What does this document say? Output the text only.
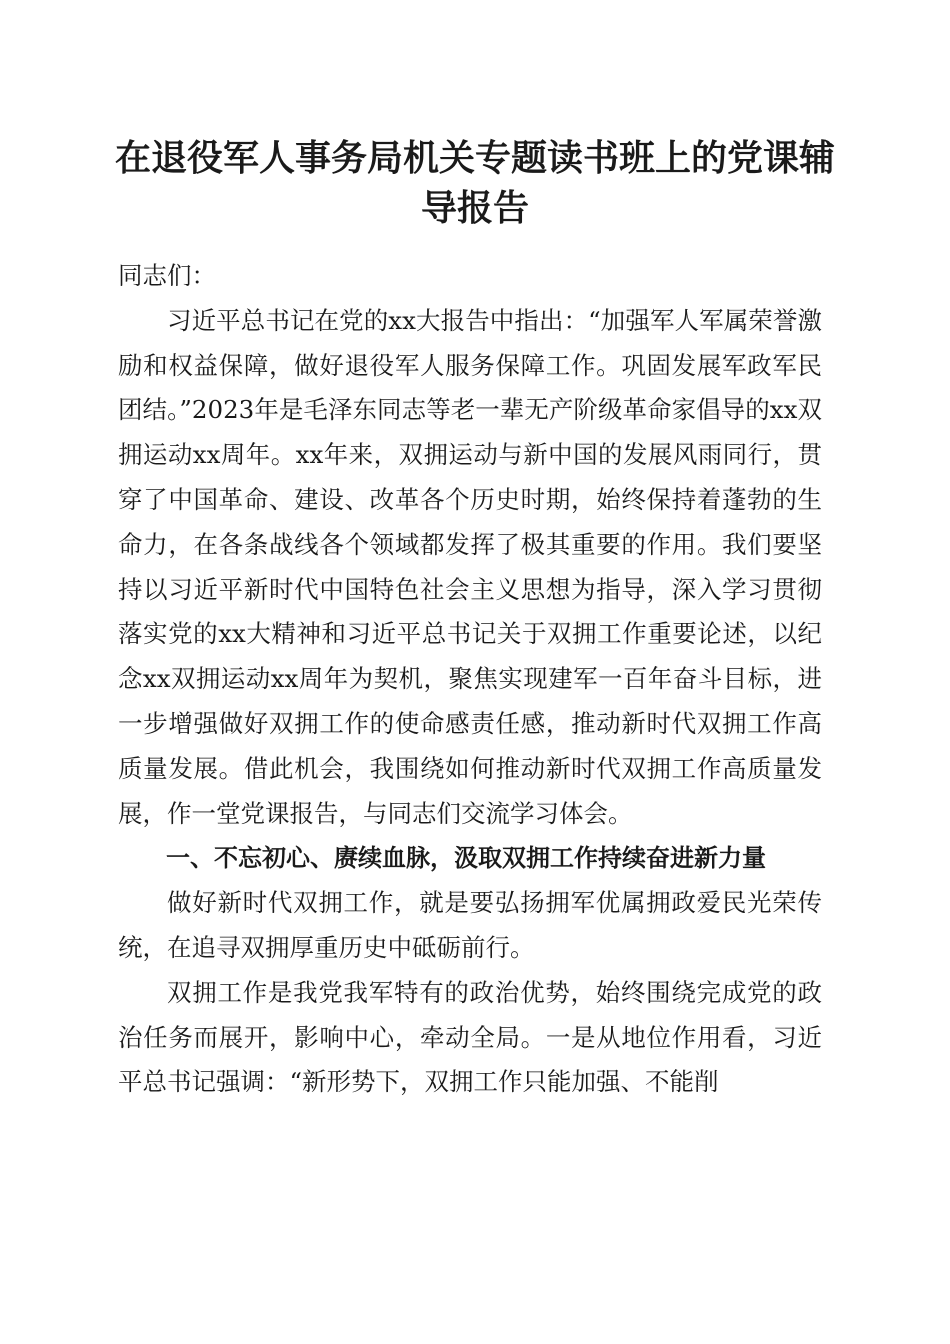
在退役军人事务局机关专题读书班上的党课辅导报告

同志们：

习近平总书记在党的xx大报告中指出：“加强军人军属荣誉激励和权益保障，做好退役军人服务保障工作。巩固发展军政军民团结。”2023年是毛泽东同志等老一辈无产阶级革命家倡导的xx双拥运动xx周年。xx年来，双拥运动与新中国的发展风雨同行，贯穿了中国革命、建设、改革各个历史时期，始终保持着蓬勃的生命力，在各条战线各个领域都发挥了极其重要的作用。我们要坚持以习近平新时代中国特色社会主义思想为指导，深入学习贯彻落实党的xx大精神和习近平总书记关于双拥工作重要论述，以纪念xx双拥运动xx周年为契机，聚焦实现建军一百年奋斗目标，进一步增强做好双拥工作的使命感责任感，推动新时代双拥工作高质量发展。借此机会，我围绕如何推动新时代双拥工作高质量发展，作一堂党课报告，与同志们交流学习体会。

一、不忘初心、赓续血脉，汲取双拥工作持续奋进新力量

做好新时代双拥工作，就是要弘扬拥军优属拥政爱民光荣传统，在追寻双拥厚重历史中砥砺前行。

双拥工作是我党我军特有的政治优势，始终围绕完成党的政治任务而展开，影响中心，牵动全局。一是从地位作用看，习近平总书记强调：“新形势下，双拥工作只能加强、不能削
